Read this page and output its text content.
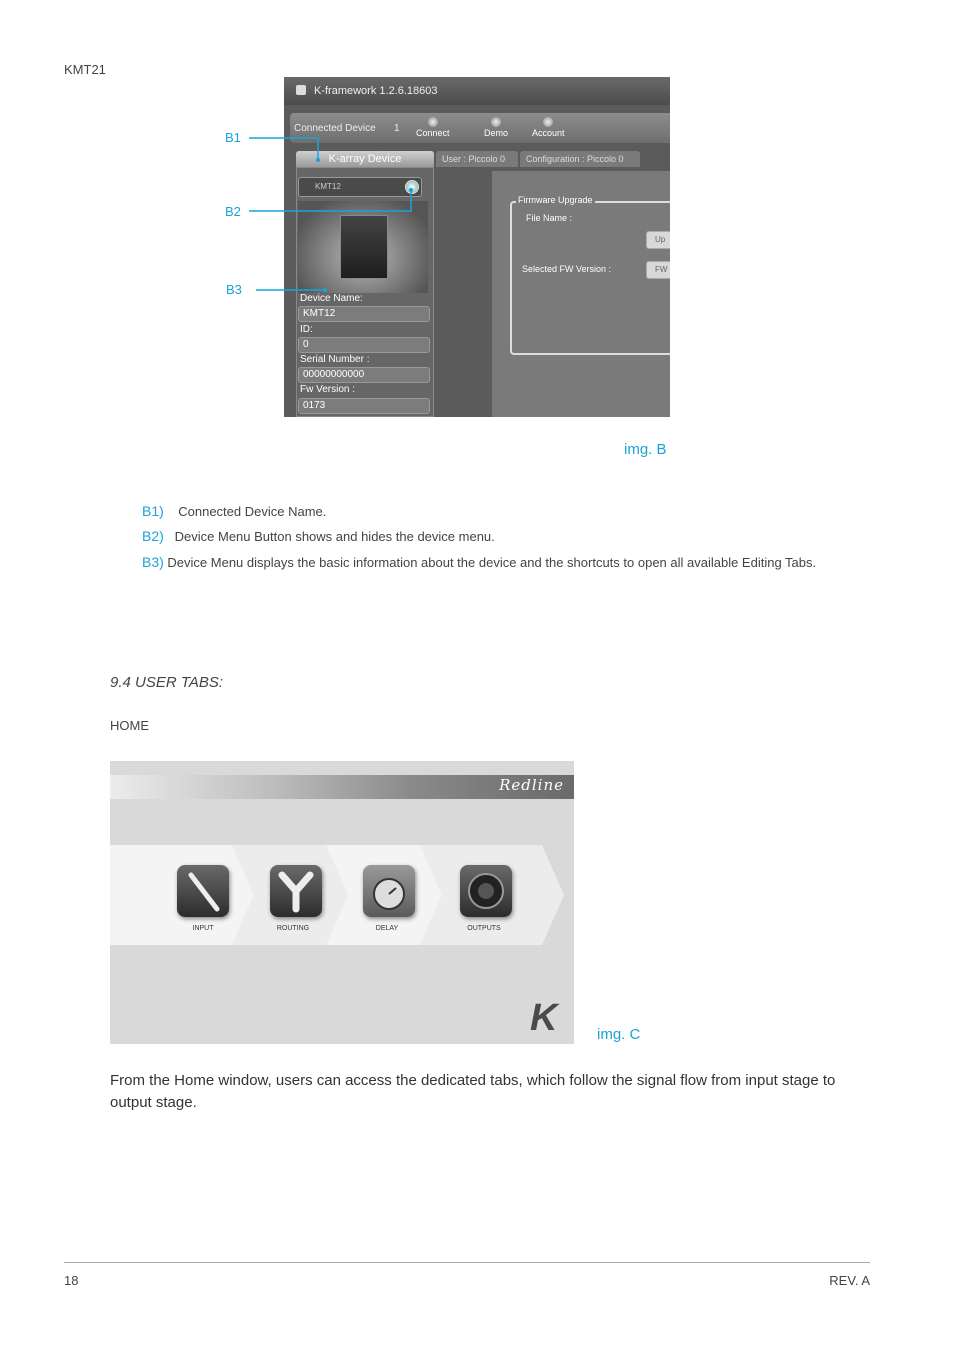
KMT21
K-framework 1.2.6.18603
Connected Device 1 Connect	Demo	Account
K-array Device	User : Piccolo 0	Configuration : Piccolo 0
KMT12
Device Name:
KMT12
ID:
0
Serial Number :
00000000000
Fw Version :
0173
Firmware Upgrade
File Name :
Up
Selected FW Version :	FW
B1
B2
B3
img. B
B1) Connected Device Name.
B2) Device Menu Button shows and hides the device menu.
B3) Device Menu displays the basic information about the device and the shortcuts to open all available Editing Tabs.
9.4 USER TABS:
HOME
Redline
INPUT	ROUTING	DELAY	OUTPUTS
K	img. C
From the Home window, users can access the dedicated tabs, which follow the signal flow from input stage to output stage.
18	REV. A
